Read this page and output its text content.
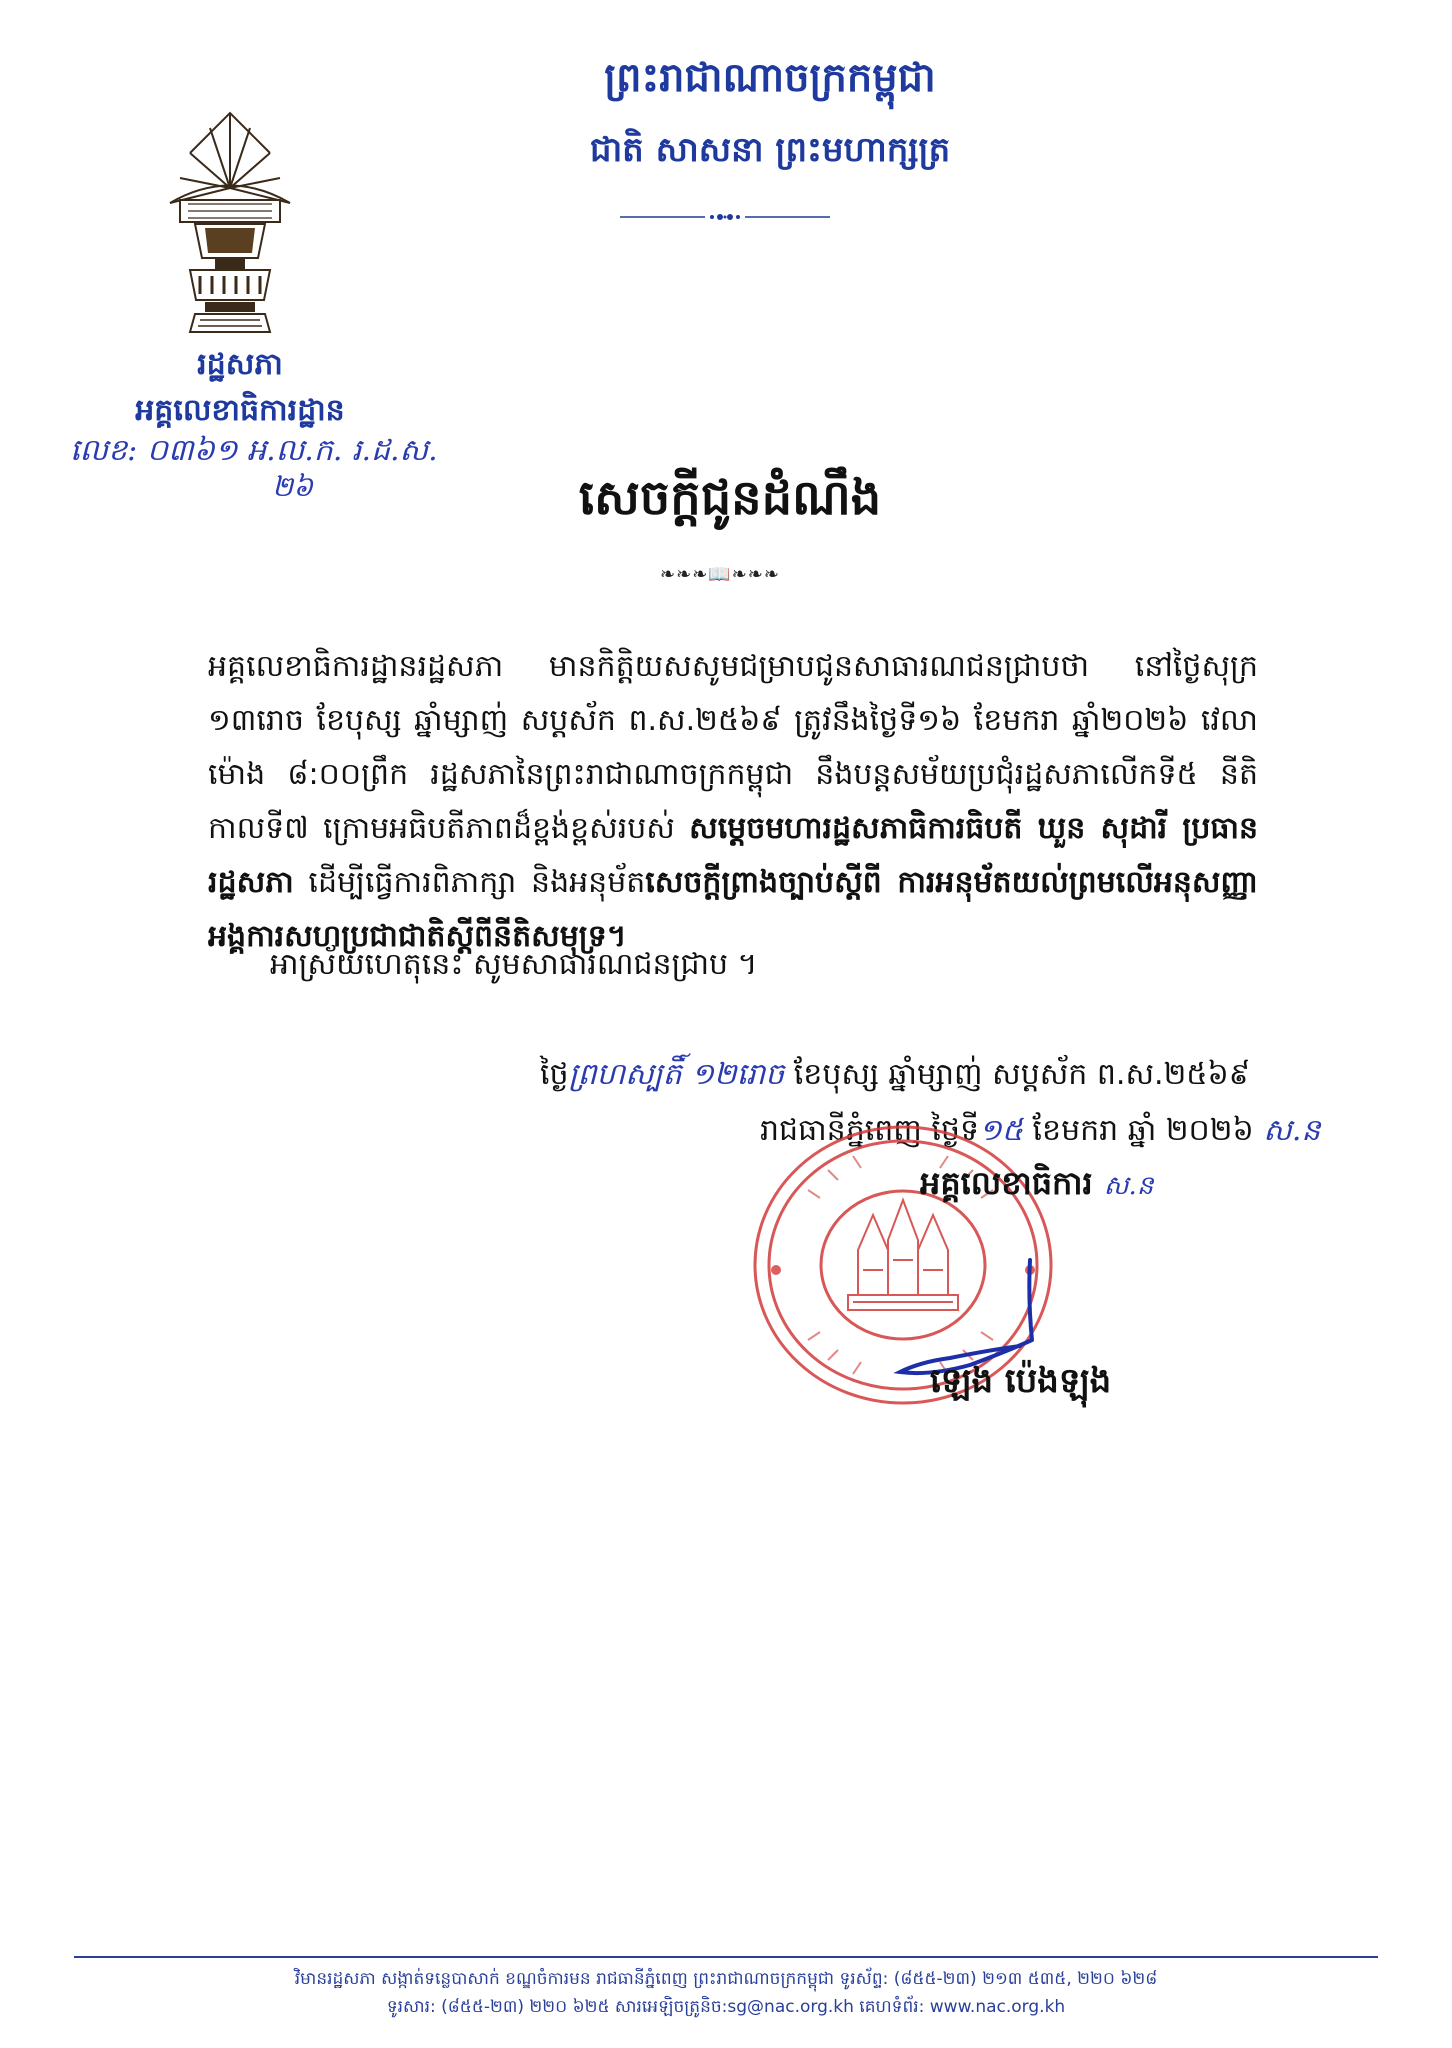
ព្រះរាជាណាចក្រកម្ពុជា
ជាតិ សាសនា ព្រះមហាក្សត្រ
រដ្ឋសភា
អគ្គលេខាធិការដ្ឋាន
លេខ: ០៣៦១ អ.ល.ក. រ.ដ.ស.
២៦	សេចក្តីជូនដំណឹង
❧❧❧📖❧❧❧
អគ្គលេខាធិការដ្ឋានរដ្ឋសភា មានកិត្តិយសសូមជម្រាបជូនសាធារណជនជ្រាបថា នៅថ្ងៃសុក្រ ១៣រោច ខែបុស្ស ឆ្នាំម្សាញ់ សប្តស័ក ព.ស.២៥៦៩ ត្រូវនឹងថ្ងៃទី១៦ ខែមករា ឆ្នាំ២០២៦ វេលាម៉ោង ៨:០០ព្រឹក រដ្ឋសភានៃព្រះរាជាណាចក្រកម្ពុជា នឹងបន្តសម័យប្រជុំរដ្ឋសភាលើកទី៥ នីតិកាលទី៧ ក្រោមអធិបតីភាពដ៏ខ្ពង់ខ្ពស់របស់ សម្តេចមហារដ្ឋសភាធិការធិបតី ឃួន សុដារី ប្រធានរដ្ឋសភា ដើម្បីធ្វើការពិភាក្សា និងអនុម័តសេចក្តីព្រាងច្បាប់ស្តីពី ការអនុម័តយល់ព្រមលើអនុសញ្ញាអង្គការសហប្រជាជាតិស្តីពីនីតិសមុទ្រ។
អាស្រ័យហេតុនេះ សូមសាធារណជនជ្រាប ។
ថ្ងៃព្រហស្បតិ៍ ១២រោច ខែបុស្ស ឆ្នាំម្សាញ់ សប្តស័ក ព.ស.២៥៦៩
រាជធានីភ្នំពេញ ថ្ងៃទី១៥ ខែមករា ឆ្នាំ ២០២៦ ស.ន
អគ្គលេខាធិការ ស.ន
ឡេង ប៉េងឡុង
វិមានរដ្ឋសភា សង្កាត់ទន្លេបាសាក់ ខណ្ឌចំការមន រាជធានីភ្នំពេញ ព្រះរាជាណាចក្រកម្ពុជា ទូរស័ព្ទ: (៨៥៥-២៣) ២១៣ ៥៣៥, ២២០ ៦២៨
ទូរសារ: (៨៥៥-២៣) ២២០ ៦២៥ សារអេឡិចត្រូនិច:sg@nac.org.kh គេហទំព័រ: www.nac.org.kh
